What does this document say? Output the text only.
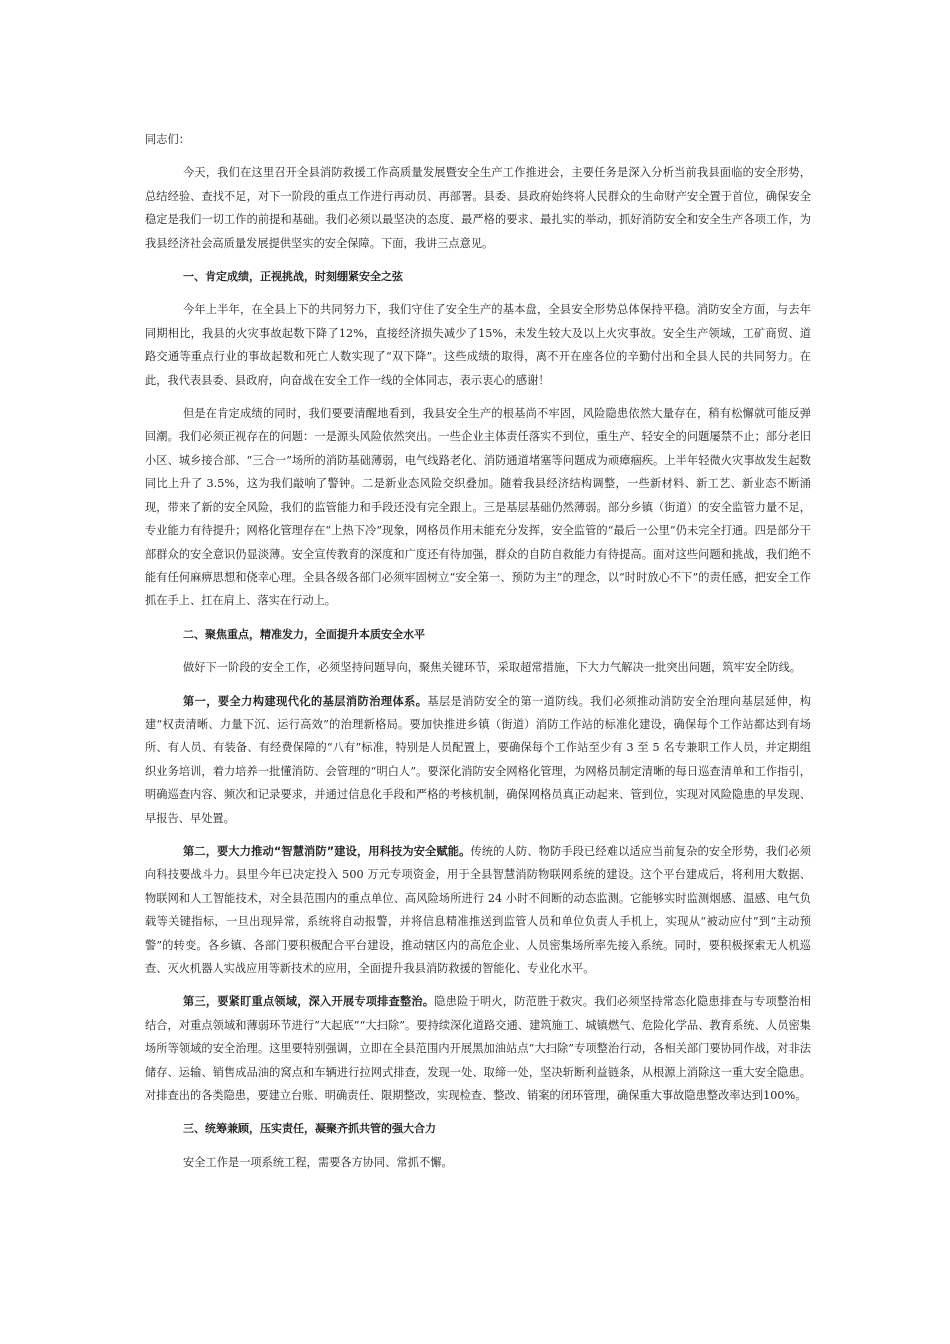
同志们：

今天，我们在这里召开全县消防救援工作高质量发展暨安全生产工作推进会，主要任务是深入分析当前我县面临的安全形势，总结经验、查找不足，对下一阶段的重点工作进行再动员、再部署。县委、县政府始终将人民群众的生命财产安全置于首位，确保安全稳定是我们一切工作的前提和基础。我们必须以最坚决的态度、最严格的要求、最扎实的举动，抓好消防安全和安全生产各项工作，为我县经济社会高质量发展提供坚实的安全保障。下面，我讲三点意见。

一、肯定成绩，正视挑战，时刻绷紧安全之弦

今年上半年，在全县上下的共同努力下，我们守住了安全生产的基本盘，全县安全形势总体保持平稳。消防安全方面，与去年同期相比，我县的火灾事故起数下降了12%，直接经济损失减少了15%，未发生较大及以上火灾事故。安全生产领域，工矿商贸、道路交通等重点行业的事故起数和死亡人数实现了“双下降”。这些成绩的取得，离不开在座各位的辛勤付出和全县人民的共同努力。在此，我代表县委、县政府，向奋战在安全工作一线的全体同志，表示衷心的感谢！

但是在肯定成绩的同时，我们要要清醒地看到，我县安全生产的根基尚不牢固，风险隐患依然大量存在，稍有松懈就可能反弹回潮。我们必须正视存在的问题：一是源头风险依然突出。一些企业主体责任落实不到位，重生产、轻安全的问题屡禁不止；部分老旧小区、城乡接合部、“三合一”场所的消防基础薄弱，电气线路老化、消防通道堵塞等问题成为顽瘴痼疾。上半年轻微火灾事故发生起数同比上升了 3.5%，这为我们敲响了警钟。二是新业态风险交织叠加。随着我县经济结构调整，一些新材料、新工艺、新业态不断涌现，带来了新的安全风险，我们的监管能力和手段还没有完全跟上。三是基层基础仍然薄弱。部分乡镇（街道）的安全监管力量不足，专业能力有待提升；网格化管理存在“上热下冷”现象，网格员作用未能充分发挥，安全监管的“最后一公里”仍未完全打通。四是部分干部群众的安全意识仍显淡薄。安全宣传教育的深度和广度还有待加强，群众的自防自救能力有待提高。面对这些问题和挑战，我们绝不能有任何麻痹思想和侥幸心理。全县各级各部门必须牢固树立“安全第一、预防为主”的理念，以“时时放心不下”的责任感，把安全工作抓在手上、扛在肩上、落实在行动上。

二、聚焦重点，精准发力，全面提升本质安全水平

做好下一阶段的安全工作，必须坚持问题导向，聚焦关键环节，采取超常措施，下大力气解决一批突出问题，筑牢安全防线。

第一，要全力构建现代化的基层消防治理体系。基层是消防安全的第一道防线。我们必须推动消防安全治理向基层延伸，构建“权责清晰、力量下沉、运行高效”的治理新格局。要加快推进乡镇（街道）消防工作站的标准化建设，确保每个工作站都达到有场所、有人员、有装备、有经费保障的“八有”标准，特别是人员配置上，要确保每个工作站至少有 3 至 5 名专兼职工作人员，并定期组织业务培训，着力培养一批懂消防、会管理的“明白人”。要深化消防安全网格化管理，为网格员制定清晰的每日巡查清单和工作指引，明确巡查内容、频次和记录要求，并通过信息化手段和严格的考核机制，确保网格员真正动起来、管到位，实现对风险隐患的早发现、早报告、早处置。

第二，要大力推动“智慧消防”建设，用科技为安全赋能。传统的人防、物防手段已经难以适应当前复杂的安全形势，我们必须向科技要战斗力。县里今年已决定投入 500 万元专项资金，用于全县智慧消防物联网系统的建设。这个平台建成后，将利用大数据、物联网和人工智能技术，对全县范围内的重点单位、高风险场所进行 24 小时不间断的动态监测。它能够实时监测烟感、温感、电气负载等关键指标，一旦出现异常，系统将自动报警，并将信息精准推送到监管人员和单位负责人手机上，实现从“被动应付”到“主动预警”的转变。各乡镇、各部门要积极配合平台建设，推动辖区内的高危企业、人员密集场所率先接入系统。同时，要积极探索无人机巡查、灭火机器人实战应用等新技术的应用，全面提升我县消防救援的智能化、专业化水平。

第三，要紧盯重点领域，深入开展专项排查整治。隐患险于明火，防范胜于救灾。我们必须坚持常态化隐患排查与专项整治相结合，对重点领域和薄弱环节进行“大起底”“大扫除”。要持续深化道路交通、建筑施工、城镇燃气、危险化学品、教育系统、人员密集场所等领域的安全治理。这里要特别强调，立即在全县范围内开展黑加油站点“大扫除”专项整治行动，各相关部门要协同作战，对非法储存、运输、销售成品油的窝点和车辆进行拉网式排查，发现一处、取缔一处，坚决斩断利益链条，从根源上消除这一重大安全隐患。对排查出的各类隐患，要建立台账、明确责任、限期整改，实现检查、整改、销案的闭环管理，确保重大事故隐患整改率达到100%。

三、统筹兼顾，压实责任，凝聚齐抓共管的强大合力

安全工作是一项系统工程，需要各方协同、常抓不懈。
